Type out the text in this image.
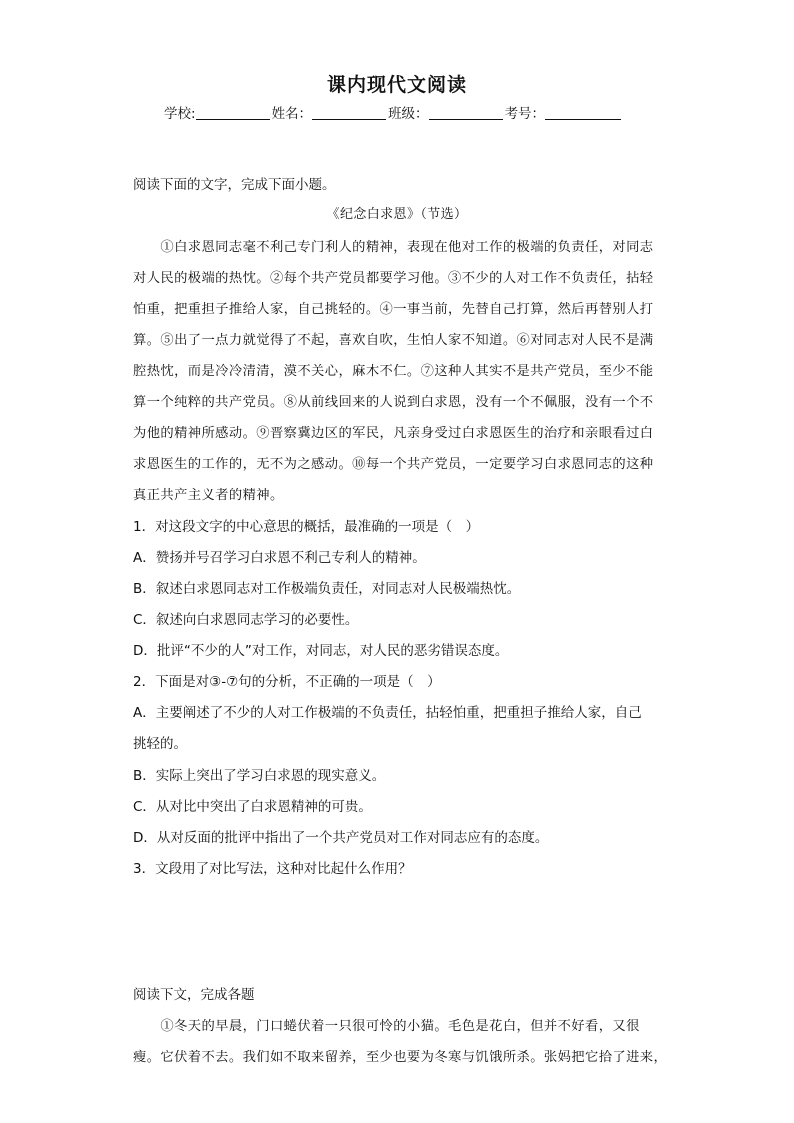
课内现代文阅读
学校:	姓名：	班级：	考号：
阅读下面的文字，完成下面小题。
《纪念白求恩》（节选）
　　①白求恩同志毫不利己专门利人的精神，表现在他对工作的极端的负责任，对同志
对人民的极端的热忱。②每个共产党员都要学习他。③不少的人对工作不负责任，拈轻
怕重，把重担子推给人家，自己挑轻的。④一事当前，先替自己打算，然后再替别人打
算。⑤出了一点力就觉得了不起，喜欢自吹，生怕人家不知道。⑥对同志对人民不是满
腔热忱，而是冷冷清清，漠不关心，麻木不仁。⑦这种人其实不是共产党员，至少不能
算一个纯粹的共产党员。⑧从前线回来的人说到白求恩，没有一个不佩服，没有一个不
为他的精神所感动。⑨晋察冀边区的军民，凡亲身受过白求恩医生的治疗和亲眼看过白
求恩医生的工作的，无不为之感动。⑩每一个共产党员，一定要学习白求恩同志的这种
真正共产主义者的精神。
1．对这段文字的中心意思的概括，最准确的一项是（　）
A．赞扬并号召学习白求恩不利己专利人的精神。
B．叙述白求恩同志对工作极端负责任，对同志对人民极端热忱。
C．叙述向白求恩同志学习的必要性。
D．批评“不少的人”对工作，对同志，对人民的恶劣错误态度。
2．下面是对③-⑦句的分析，不正确的一项是（　）
A．主要阐述了不少的人对工作极端的不负责任，拈轻怕重，把重担子推给人家，自己
挑轻的。
B．实际上突出了学习白求恩的现实意义。
C．从对比中突出了白求恩精神的可贵。
D．从对反面的批评中指出了一个共产党员对工作对同志应有的态度。
3．文段用了对比写法，这种对比起什么作用？
阅读下文，完成各题
　　①冬天的早晨，门口蜷伏着一只很可怜的小猫。毛色是花白，但并不好看，又很
瘦。它伏着不去。我们如不取来留养，至少也要为冬寒与饥饿所杀。张妈把它拾了进来，
